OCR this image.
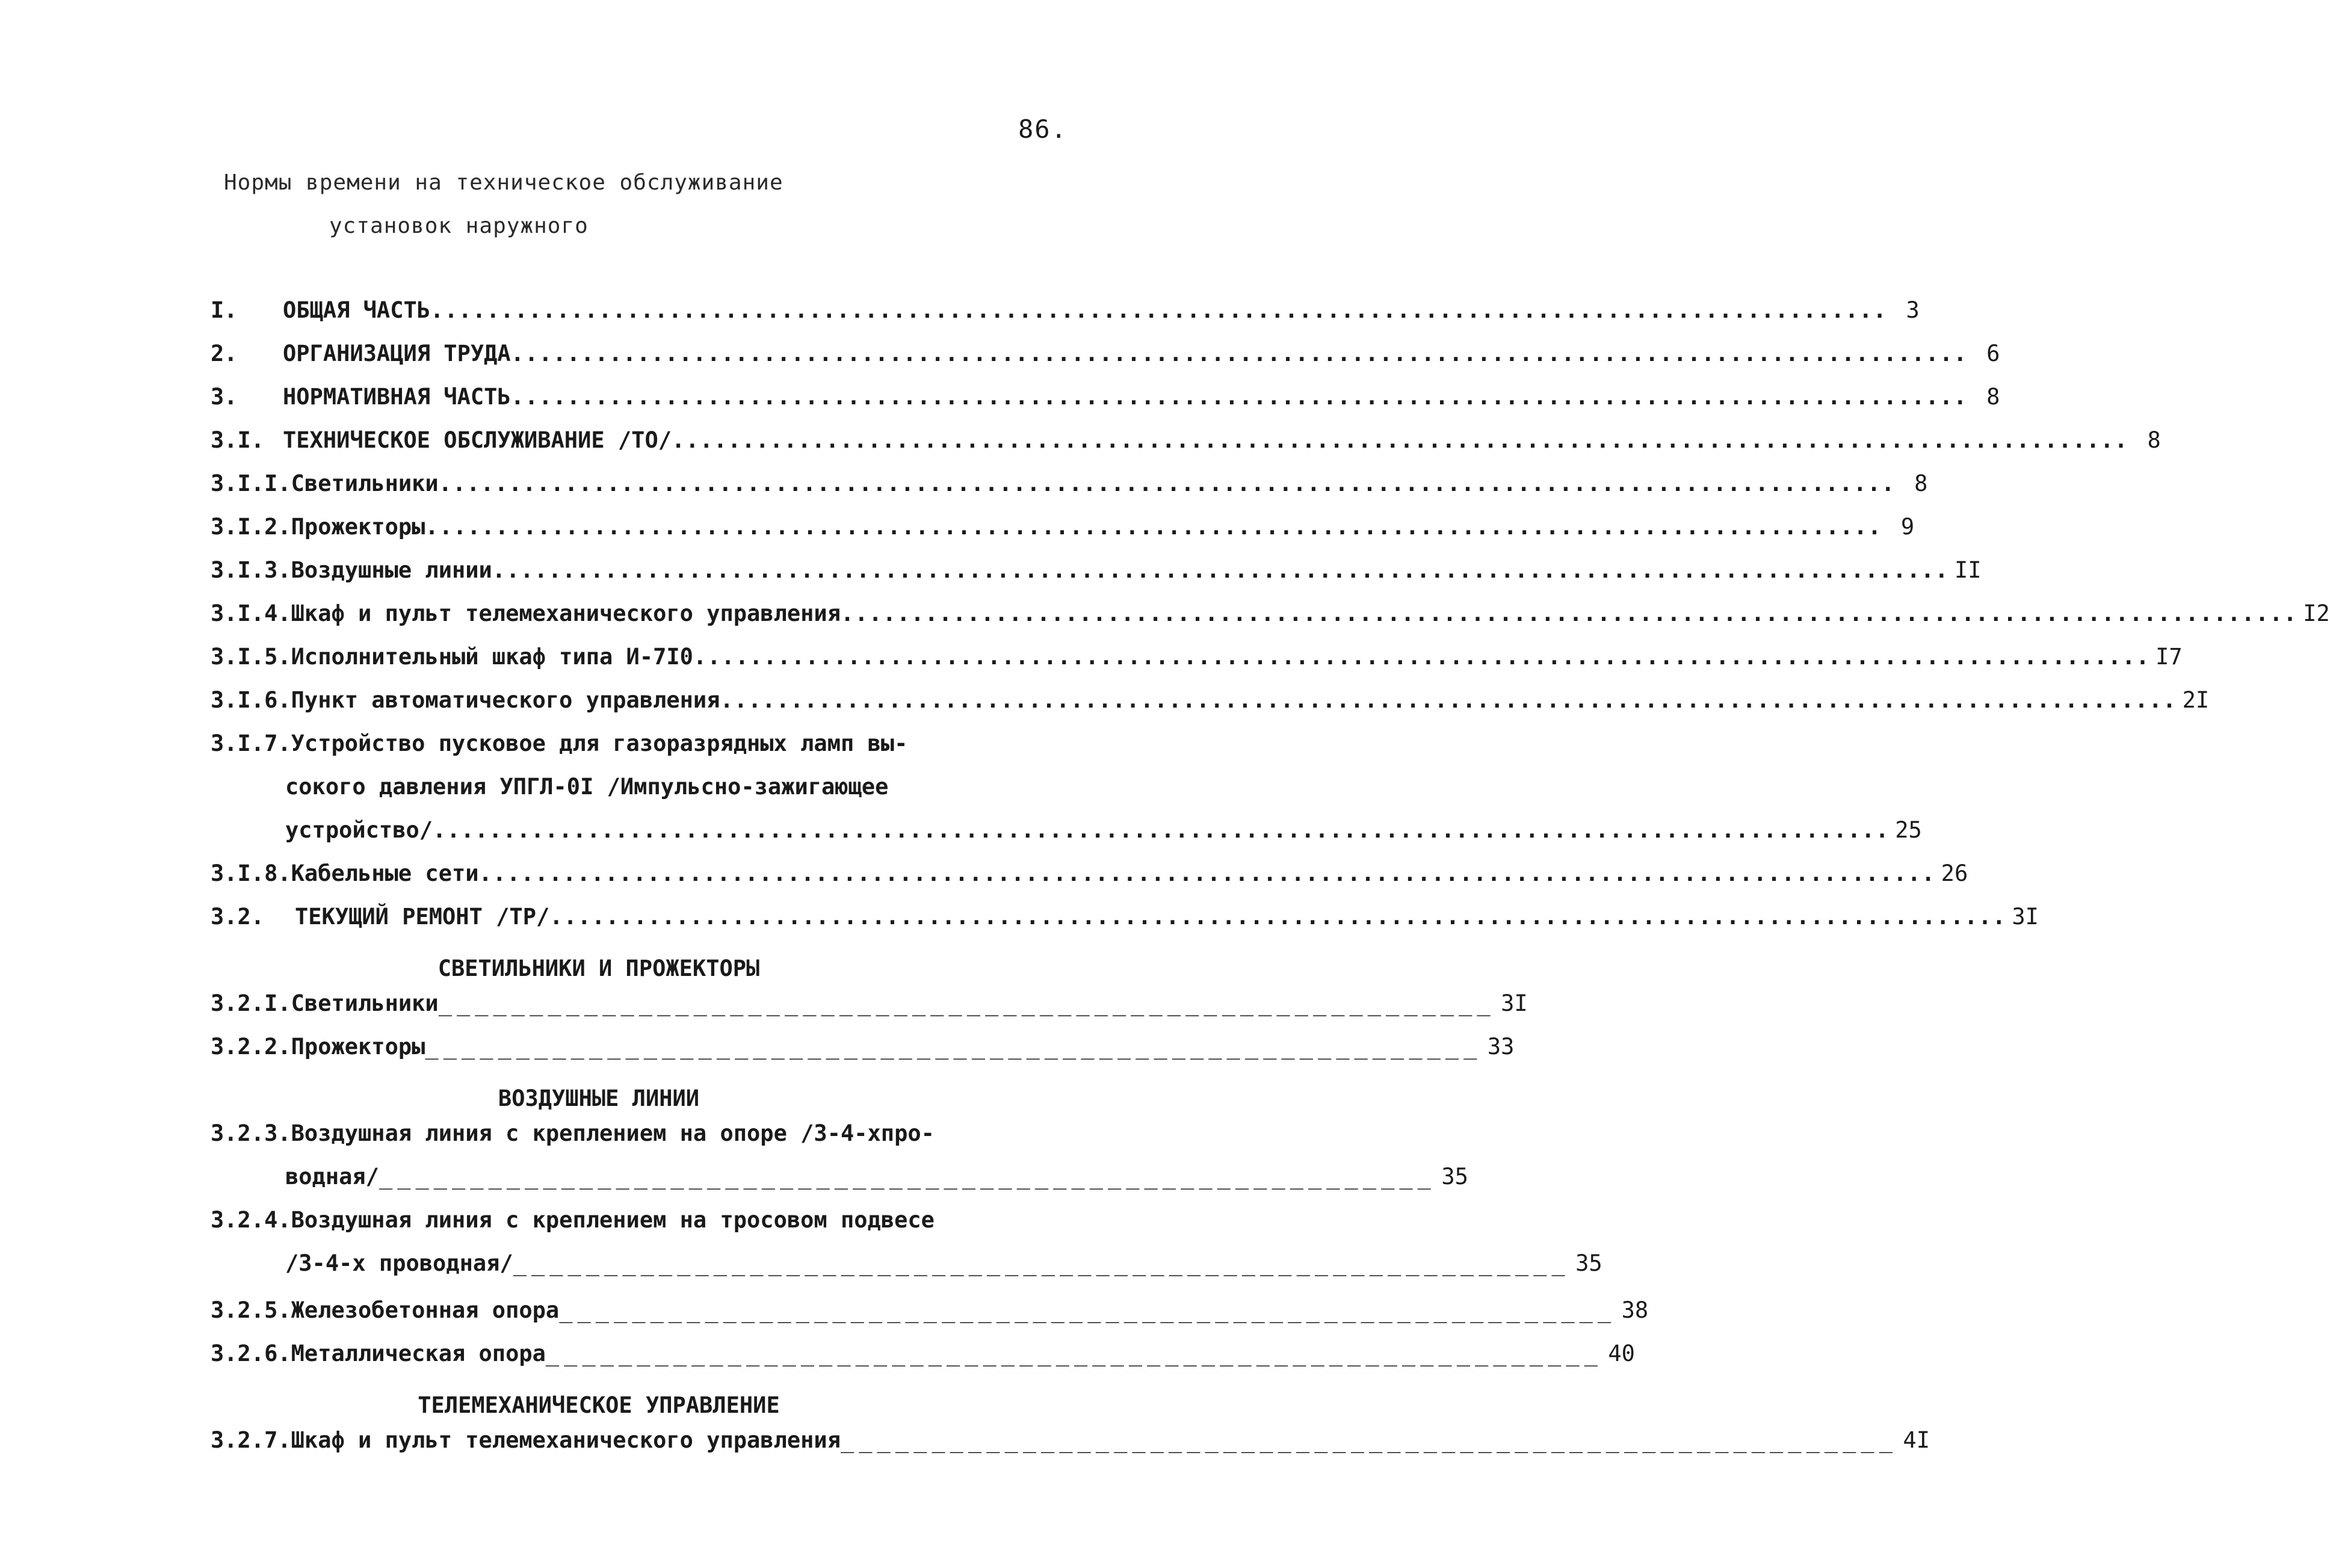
86.
Нормы времени на техническое обслуживание
установок наружного
I.	ОБЩАЯ ЧАСТЬ ........................................................................................................ 3
2.	ОРГАНИЗАЦИЯ ТРУДА ........................................................................................................ 6
3.	НОРМАТИВНАЯ ЧАСТЬ ........................................................................................................ 8
3.I. ТЕХНИЧЕСКОЕ ОБСЛУЖИВАНИЕ /ТО/ ........................................................................................................ 8
3.I.I. Светильники ........................................................................................................ 8
3.I.2. Прожекторы ........................................................................................................ 9
3.I.3. Воздушные линии ........................................................................................................ II
3.I.4. Шкаф и пульт телемеханического управления ........................................................................................................ I2
3.I.5. Исполнительный шкаф типа И-7I0 ........................................................................................................ I7
3.I.6. Пункт автоматического управления ........................................................................................................ 2I
3.I.7. Устройство пусковое для газоразрядных ламп вы-
сокого давления УПГЛ-0I /Импульсно-зажигающее
устройство/ ........................................................................................................ 25
3.I.8. Кабельные сети ........................................................................................................ 26
3.2.	ТЕКУЩИЙ РЕМОНТ /ТР/ ........................................................................................................ 3I
СВЕТИЛЬНИКИ И ПРОЖЕКТОРЫ
3.2.I. Светильники __________________________________________________________ 3I
3.2.2. Прожекторы __________________________________________________________ 33
ВОЗДУШНЫЕ ЛИНИИ
3.2.3. Воздушная линия с креплением на опоре /3-4-хпро-
водная/ __________________________________________________________ 35
3.2.4. Воздушная линия с креплением на тросовом подвесе
/3-4-х проводная/ __________________________________________________________ 35
3.2.5. Железобетонная опора __________________________________________________________ 38
3.2.6. Металлическая опора __________________________________________________________ 40
ТЕЛЕМЕХАНИЧЕСКОЕ УПРАВЛЕНИЕ
3.2.7. Шкаф и пульт телемеханического управления __________________________________________________________ 4I
